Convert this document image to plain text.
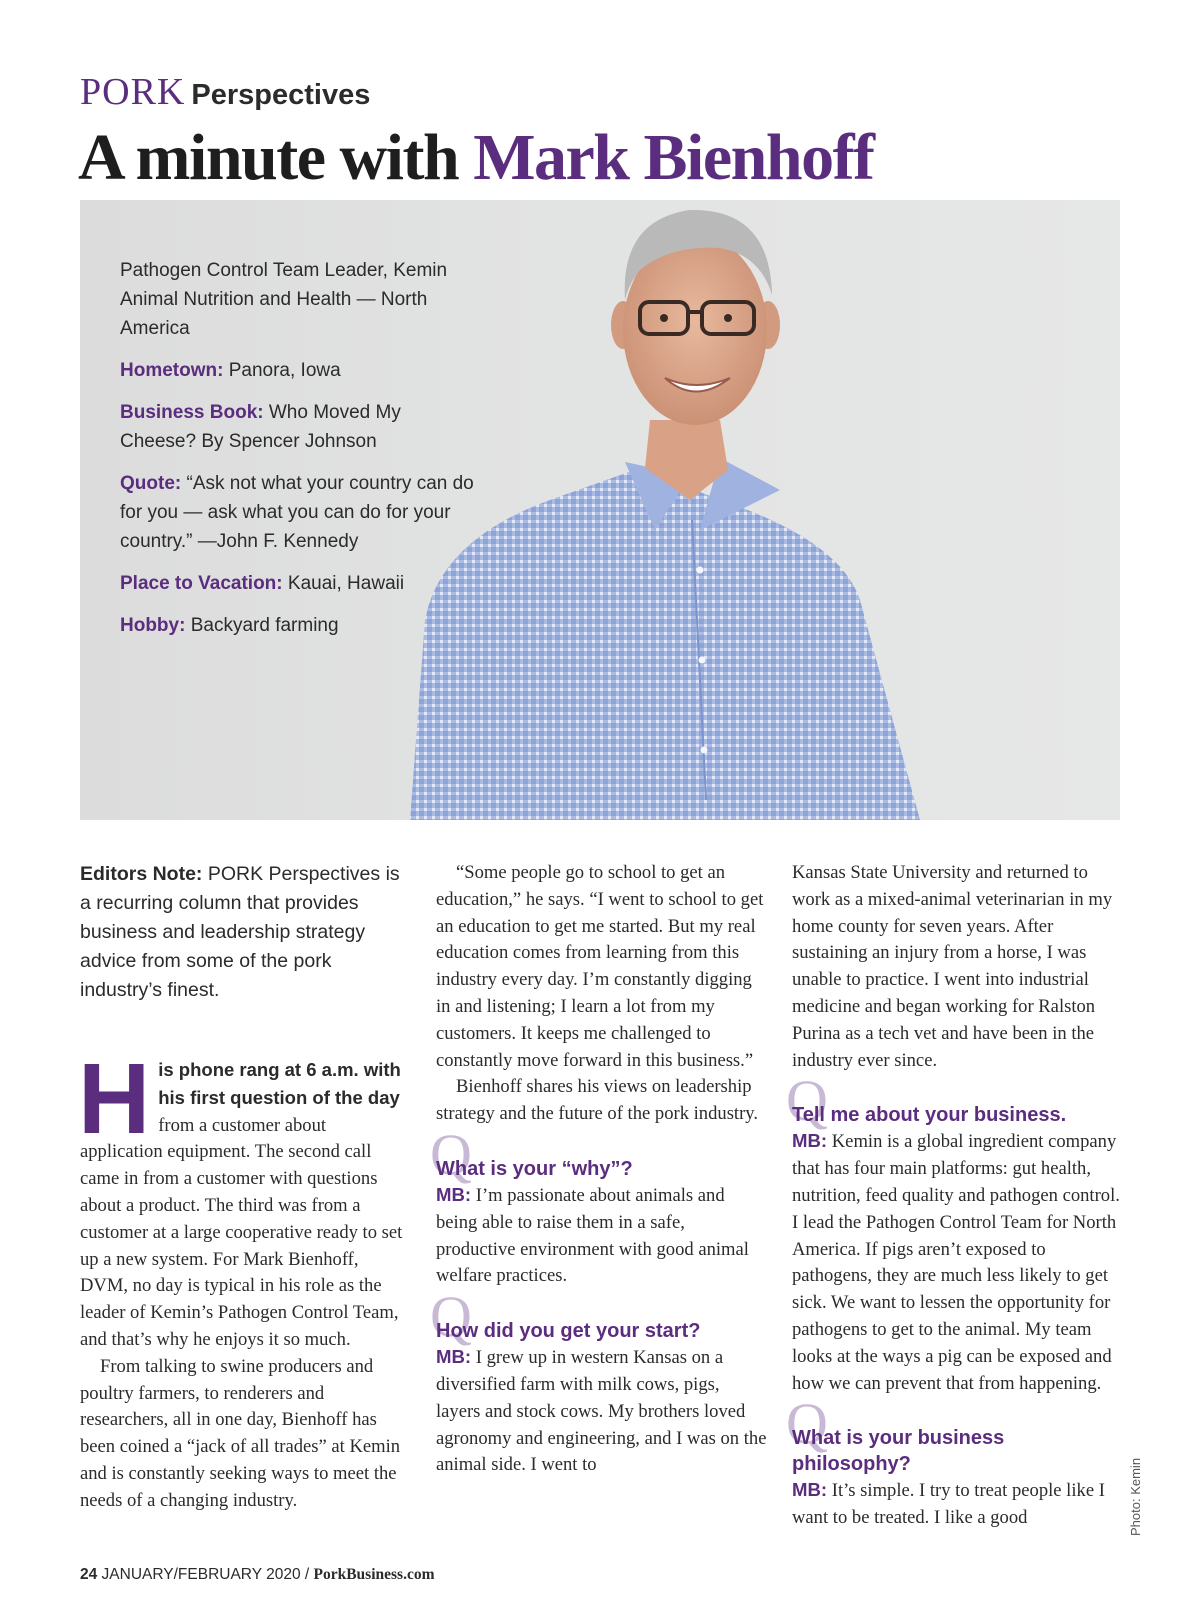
PORK Perspectives
A minute with Mark Bienhoff

Pathogen Control Team Leader, Kemin Animal Nutrition and Health — North America

Hometown: Panora, Iowa

Business Book: Who Moved My Cheese? By Spencer Johnson

Quote: “Ask not what your country can do for you — ask what you can do for your country.” —John F. Kennedy

Place to Vacation: Kauai, Hawaii

Hobby: Backyard farming

Editors Note: PORK Perspectives is a recurring column that provides business and leadership strategy advice from some of the pork industry’s finest.

H is phone rang at 6 a.m. with his first question of the day from a customer about application equipment. The second call came in from a customer with questions about a product. The third was from a customer at a large cooperative ready to set up a new system. For Mark Bienhoff, DVM, no day is typical in his role as the leader of Kemin’s Pathogen Control Team, and that’s why he enjoys it so much.

From talking to swine producers and poultry farmers, to renderers and researchers, all in one day, Bienhoff has been coined a “jack of all trades” at Kemin and is constantly seeking ways to meet the needs of a changing industry.

“Some people go to school to get an education,” he says. “I went to school to get an education to get me started. But my real education comes from learning from this industry every day. I’m constantly digging in and listening; I learn a lot from my customers. It keeps me challenged to constantly move forward in this business.”

Bienhoff shares his views on leadership strategy and the future of the pork industry.

Q
What is your “why”?

MB: I’m passionate about animals and being able to raise them in a safe, productive environment with good animal welfare practices.

Q
How did you get your start?

MB: I grew up in western Kansas on a diversified farm with milk cows, pigs, layers and stock cows. My brothers loved agronomy and engineering, and I was on the animal side. I went to

Kansas State University and returned to work as a mixed-animal veterinarian in my home county for seven years. After sustaining an injury from a horse, I was unable to practice. I went into industrial medicine and began working for Ralston Purina as a tech vet and have been in the industry ever since.

Q
Tell me about your business.

MB: Kemin is a global ingredient company that has four main platforms: gut health, nutrition, feed quality and pathogen control. I lead the Pathogen Control Team for North America. If pigs aren’t exposed to pathogens, they are much less likely to get sick. We want to lessen the opportunity for pathogens to get to the animal. My team looks at the ways a pig can be exposed and how we can prevent that from happening.

Q
What is your business philosophy?

MB: It’s simple. I try to treat people like I want to be treated. I like a good	Photo: Kemin
24 JANUARY/FEBRUARY 2020 / PorkBusiness.com
